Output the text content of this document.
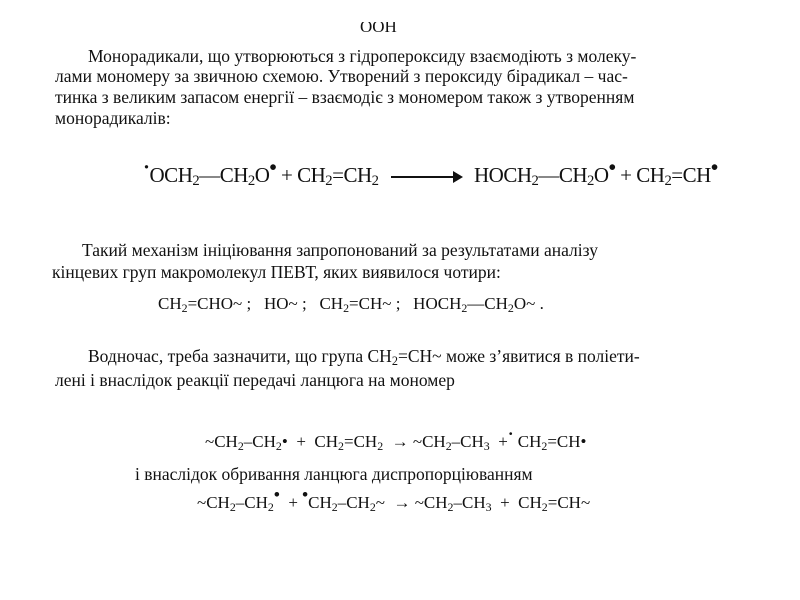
OOH
Монорадикали, що утворюються з гідропероксиду взаємодіють з молеку-
лами мономеру за звичною схемою. Утворений з пероксиду бірадикал – час-
тинка з великим запасом енергії – взаємодіє з мономером також з утворенням
монорадикалів:
$\cdot OCH_2—CH_2O• + CH_2=CH_2$ → $HOCH_2—CH_2O•$ + $CH_2=CH•$
Такий механізм ініціювання запропонований за результатами аналізу
кінцевих груп макромолекул ПЕВТ, яких виявилося чотири:
$CH_2=CHO\sim$ ; HO~ ; $CH_2=CH\sim$ ; $HOCH_2—CH_2O\sim$ .
Водночас, треба зазначити, що група $CH_2=CH\sim$ може з’явитися в поліети-
лені і внаслідок реакції передачі ланцюга на мономер
$\sim CH_2-CH_2• + CH_2=CH_2$ → $\sim CH_2-CH_3$ +· $CH_2=CH•$
і внаслідок обривання ланцюга диспропорціюванням
$\sim CH_2-CH_2•$ + $•CH_2-CH_2\sim$ → $\sim CH_2-CH_3$ + $CH_2=CH\sim$
